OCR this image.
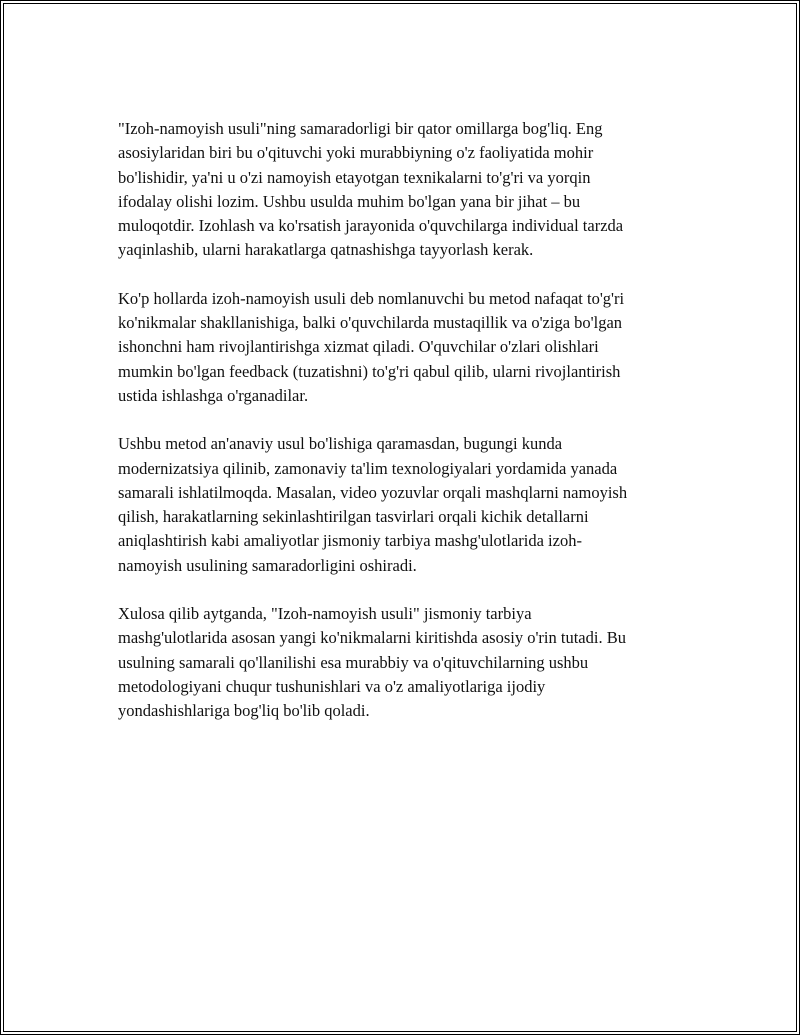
"Izoh-namoyish usuli"ning samaradorligi bir qator omillarga bog'liq. Eng
asosiylaridan biri bu o'qituvchi yoki murabbiyning o'z faoliyatida mohir
bo'lishidir, ya'ni u o'zi namoyish etayotgan texnikalarni to'g'ri va yorqin
ifodalay olishi lozim. Ushbu usulda muhim bo'lgan yana bir jihat – bu
muloqotdir. Izohlash va ko'rsatish jarayonida o'quvchilarga individual tarzda
yaqinlashib, ularni harakatlarga qatnashishga tayyorlash kerak.

Ko'p hollarda izoh-namoyish usuli deb nomlanuvchi bu metod nafaqat to'g'ri
ko'nikmalar shakllanishiga, balki o'quvchilarda mustaqillik va o'ziga bo'lgan
ishonchni ham rivojlantirishga xizmat qiladi. O'quvchilar o'zlari olishlari
mumkin bo'lgan feedback (tuzatishni) to'g'ri qabul qilib, ularni rivojlantirish
ustida ishlashga o'rganadilar.

Ushbu metod an'anaviy usul bo'lishiga qaramasdan, bugungi kunda
modernizatsiya qilinib, zamonaviy ta'lim texnologiyalari yordamida yanada
samarali ishlatilmoqda. Masalan, video yozuvlar orqali mashqlarni namoyish
qilish, harakatlarning sekinlashtirilgan tasvirlari orqali kichik detallarni
aniqlashtirish kabi amaliyotlar jismoniy tarbiya mashg'ulotlarida izoh-
namoyish usulining samaradorligini oshiradi.

Xulosa qilib aytganda, "Izoh-namoyish usuli" jismoniy tarbiya
mashg'ulotlarida asosan yangi ko'nikmalarni kiritishda asosiy o'rin tutadi. Bu
usulning samarali qo'llanilishi esa murabbiy va o'qituvchilarning ushbu
metodologiyani chuqur tushunishlari va o'z amaliyotlariga ijodiy
yondashishlariga bog'liq bo'lib qoladi.
